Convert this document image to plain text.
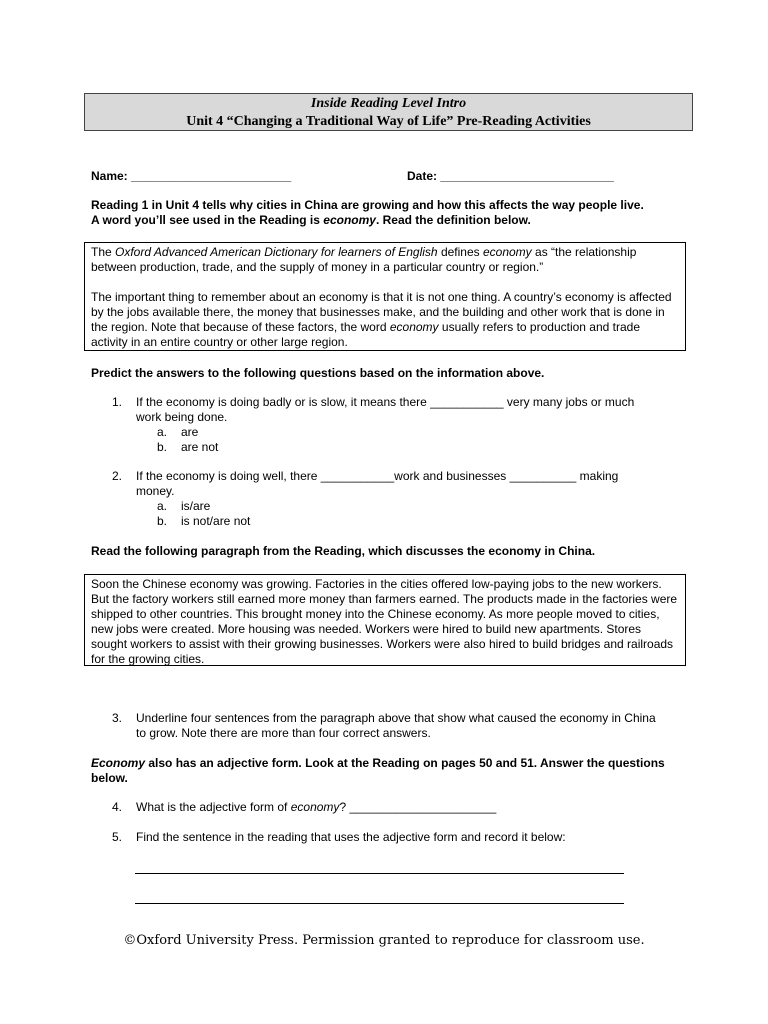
Inside Reading Level Intro
Unit 4 “Changing a Traditional Way of Life” Pre-Reading Activities
Name: ________________________	Date: __________________________
Reading 1 in Unit 4 tells why cities in China are growing and how this affects the way people live.
A word you’ll see used in the Reading is economy. Read the definition below.

The Oxford Advanced American Dictionary for learners of English defines economy as “the relationship between production, trade, and the supply of money in a particular country or region.”

The important thing to remember about an economy is that it is not one thing. A country’s economy is affected by the jobs available there, the money that businesses make, and the building and other work that is done in the region. Note that because of these factors, the word economy usually refers to production and trade activity in an entire country or other large region.

Predict the answers to the following questions based on the information above.
1. If the economy is doing badly or is slow, it means there ___________ very many jobs or much work being done.
a. are
b. are not
2. If the economy is doing well, there ___________work and businesses __________ making money.
a. is/are
b. is not/are not
Read the following paragraph from the Reading, which discusses the economy in China.

Soon the Chinese economy was growing. Factories in the cities offered low-paying jobs to the new workers. But the factory workers still earned more money than farmers earned. The products made in the factories were shipped to other countries. This brought money into the Chinese economy. As more people moved to cities, new jobs were created. More housing was needed. Workers were hired to build new apartments. Stores sought workers to assist with their growing businesses. Workers were also hired to build bridges and railroads for the growing cities.

3. Underline four sentences from the paragraph above that show what caused the economy in China to grow. Note there are more than four correct answers.
Economy also has an adjective form. Look at the Reading on pages 50 and 51. Answer the questions below.
4. What is the adjective form of economy? ______________________
5. Find the sentence in the reading that uses the adjective form and record it below:
©Oxford University Press. Permission granted to reproduce for classroom use.
